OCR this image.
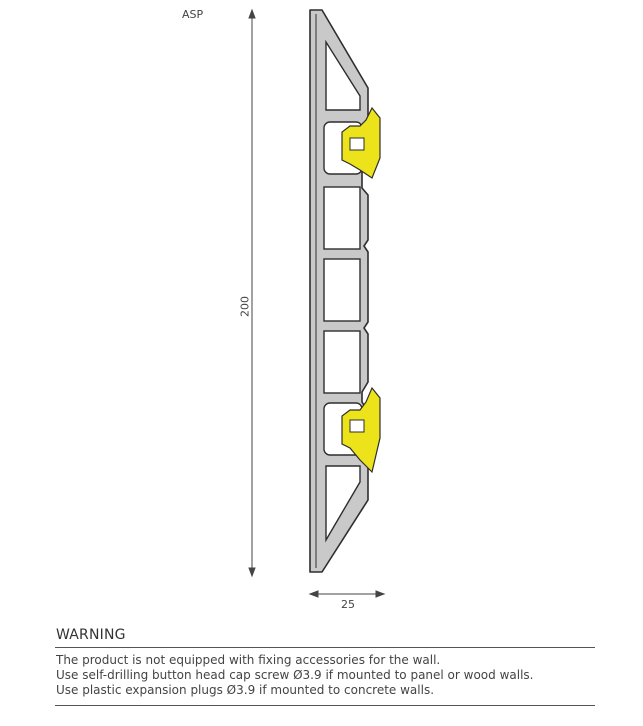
ASP
200
25
WARNING
The product is not equipped with fixing accessories for the wall.
Use self-drilling button head cap screw Ø3.9 if mounted to panel or wood walls.
Use plastic expansion plugs Ø3.9 if mounted to concrete walls.
